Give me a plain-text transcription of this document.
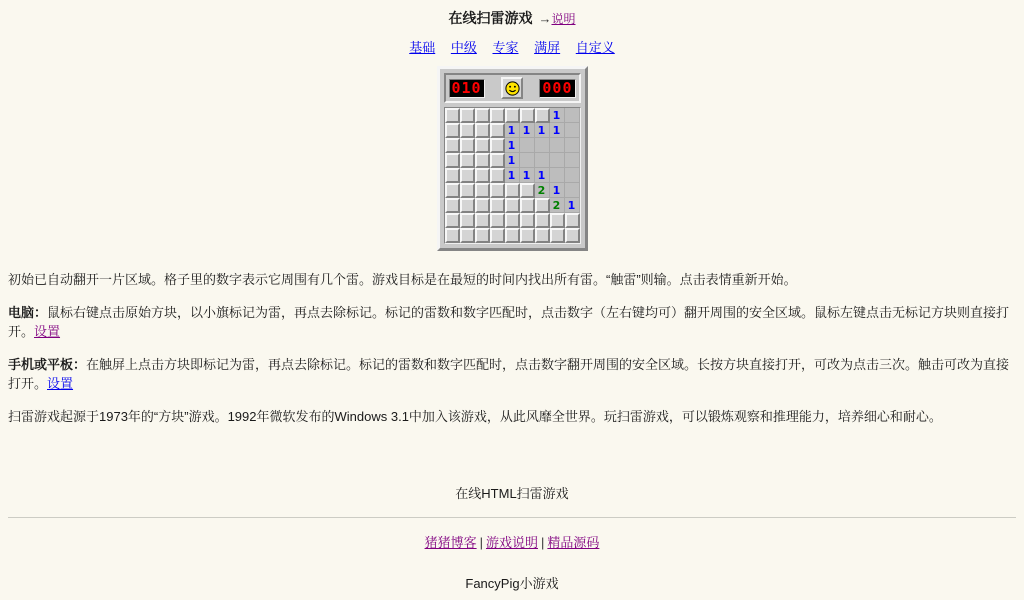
在线扫雷游戏 →说明
基础 中级 专家 满屏 自定义
010	000
1
1 1 1 1
1
1
1 1 1
2 1
2 1

初始已自动翻开一片区域。格子里的数字表示它周围有几个雷。游戏目标是在最短的时间内找出所有雷。“触雷”则输。点击表情重新开始。

电脑：鼠标右键点击原始方块，以小旗标记为雷，再点去除标记。标记的雷数和数字匹配时，点击数字（左右键均可）翻开周围的安全区域。鼠标左键点击无标记方块则直接打开。设置

手机或平板：在触屏上点击方块即标记为雷，再点去除标记。标记的雷数和数字匹配时，点击数字翻开周围的安全区域。长按方块直接打开，可改为点击三次。触击可改为直接打开。设置

扫雷游戏起源于1973年的“方块”游戏。1992年微软发布的Windows 3.1中加入该游戏，从此风靡全世界。玩扫雷游戏，可以锻炼观察和推理能力，培养细心和耐心。

在线HTML扫雷游戏
猪猪博客 | 游戏说明 | 精品源码
FancyPig小游戏
